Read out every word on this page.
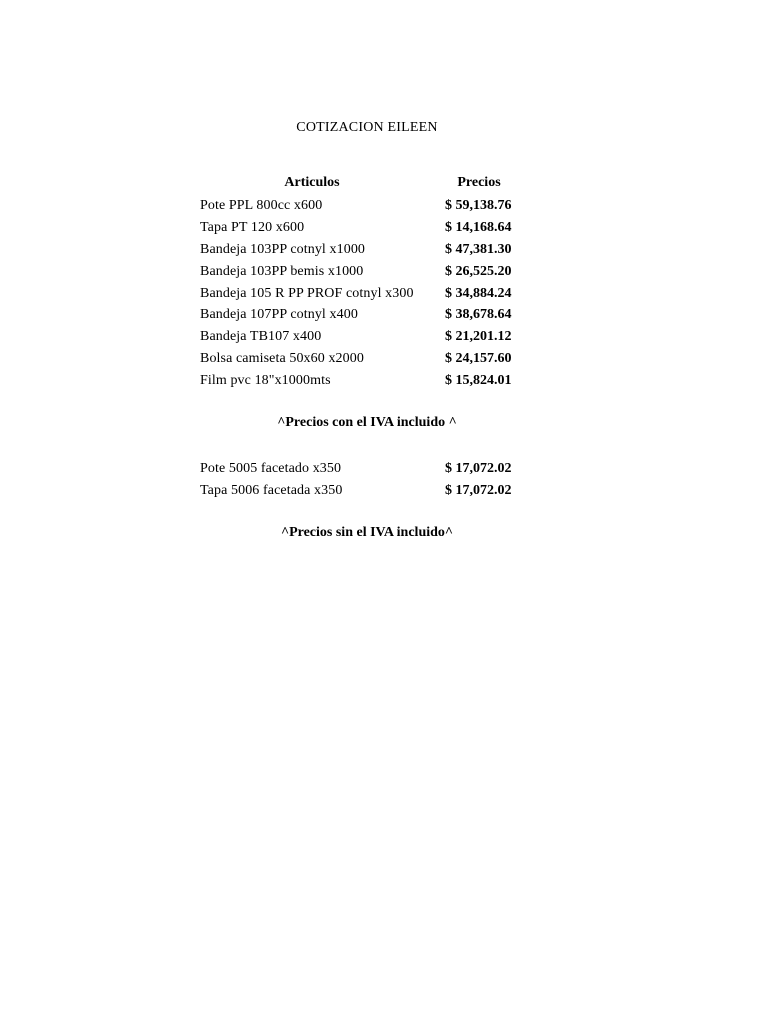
COTIZACION EILEEN
Articulos	Precios
Pote PPL 800cc x600	$ 59,138.76
Tapa PT 120 x600	$ 14,168.64
Bandeja 103PP cotnyl x1000	$ 47,381.30
Bandeja 103PP bemis x1000	$ 26,525.20
Bandeja 105 R PP PROF cotnyl x300 $ 34,884.24
Bandeja 107PP cotnyl x400	$ 38,678.64
Bandeja TB107 x400	$ 21,201.12
Bolsa camiseta 50x60 x2000	$ 24,157.60
Film pvc 18"x1000mts	$ 15,824.01
^Precios con el IVA incluido ^
Pote 5005 facetado x350	$ 17,072.02
Tapa 5006 facetada x350	$ 17,072.02
^Precios sin el IVA incluido^
